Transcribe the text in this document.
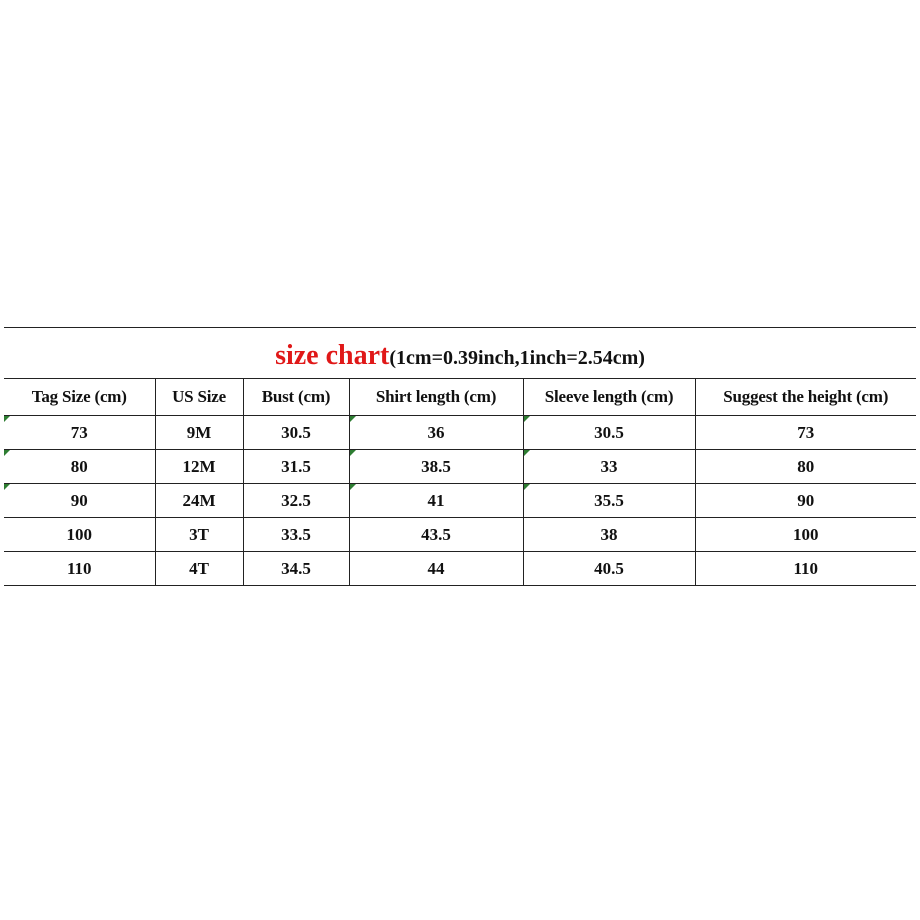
size chart(1cm=0.39inch,1inch=2.54cm)					
Tag Size (cm)	US Size	Bust (cm)	Shirt length (cm)	Sleeve length (cm)	Suggest the height (cm)

73	9M	30.5	36	30.5	73

80	12M	31.5	38.5	33	80

90	24M	32.5	41	35.5	90
100	3T	33.5	43.5	38	100
110	4T	34.5	44	40.5	110
